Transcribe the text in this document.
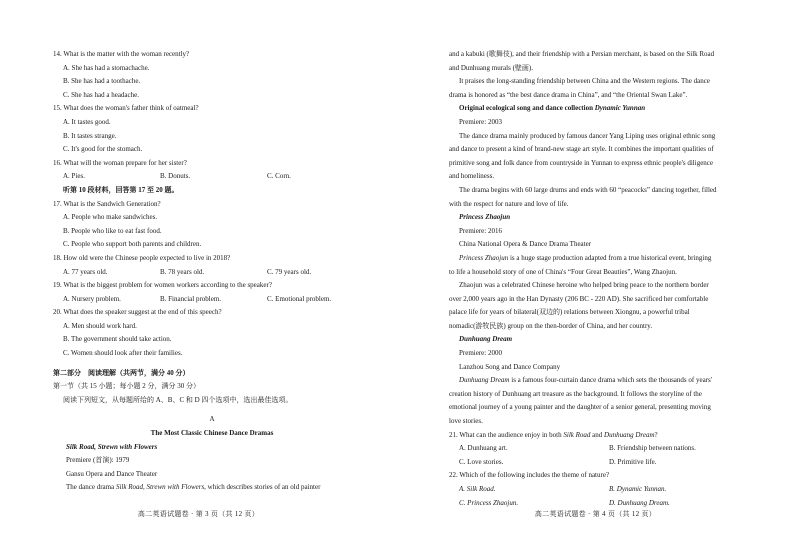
14. What is the matter with the woman recently?
A. She has had a stomachache.
B. She has had a toothache.
C. She has had a headache.
15. What does the woman's father think of oatmeal?
A. It tastes good.
B. It tastes strange.
C. It's good for the stomach.
16. What will the woman prepare for her sister?
A. Pies.	B. Donuts.	C. Corn.
听第 10 段材料，回答第 17 至 20 题。
17. What is the Sandwich Generation?
A. People who make sandwiches.
B. People who like to eat fast food.
C. People who support both parents and children.
18. How old were the Chinese people expected to live in 2018?
A. 77 years old.	B. 78 years old.	C. 79 years old.
19. What is the biggest problem for women workers according to the speaker?
A. Nursery problem.	B. Financial problem.	C. Emotional problem.
20. What does the speaker suggest at the end of this speech?
A. Men should work hard.
B. The government should take action.
C. Women should look after their families.
第二部分　阅读理解（共两节，满分 40 分）
第一节（共 15 小题；每小题 2 分，满分 30 分）
阅读下列短文，从每题所给的 A、B、C 和 D 四个选项中，选出最佳选项。
A
The Most Classic Chinese Dance Dramas
Silk Road, Strewn with Flowers
Premiere (首演): 1979
Gansu Opera and Dance Theater
The dance drama Silk Road, Strewn with Flowers, which describes stories of an old painter
高二英语试题卷 · 第 3 页（共 12 页）
and a kabuki (歌舞伎), and their friendship with a Persian merchant, is based on the Silk Road
and Dunhuang murals (壁画).
It praises the long-standing friendship between China and the Western regions. The dance
drama is honored as “the best dance drama in China”, and “the Oriental Swan Lake”.
Original ecological song and dance collection Dynamic Yunnan
Premiere: 2003
The dance drama mainly produced by famous dancer Yang Liping uses original ethnic song
and dance to present a kind of brand-new stage art style. It combines the important qualities of
primitive song and folk dance from countryside in Yunnan to express ethnic people's diligence
and homeliness.
The drama begins with 60 large drums and ends with 60 “peacocks” dancing together, filled
with the respect for nature and love of life.
Princess Zhaojun
Premiere: 2016
China National Opera & Dance Drama Theater
Princess Zhaojun is a huge stage production adapted from a true historical event, bringing
to life a household story of one of China's “Four Great Beauties”, Wang Zhaojun.
Zhaojun was a celebrated Chinese heroine who helped bring peace to the northern border
over 2,000 years ago in the Han Dynasty (206 BC - 220 AD). She sacrificed her comfortable
palace life for years of bilateral(双边的) relations between Xiongnu, a powerful tribal
nomadic(游牧民族) group on the then-border of China, and her country.
Dunhuang Dream
Premiere: 2000
Lanzhou Song and Dance Company
Dunhuang Dream is a famous four-curtain dance drama which sets the thousands of years'
creation history of Dunhuang art treasure as the background. It follows the storyline of the
emotional journey of a young painter and the daughter of a senior general, presenting moving
love stories.
21. What can the audience enjoy in both Silk Road and Dunhuang Dream?
A. Dunhuang art.	B. Friendship between nations.
C. Love stories.	D. Primitive life.
22. Which of the following includes the theme of nature?
A. Silk Road.	B. Dynamic Yunnan.
C. Princess Zhaojun.	D. Dunhuang Dream.
高二英语试题卷 · 第 4 页（共 12 页）
